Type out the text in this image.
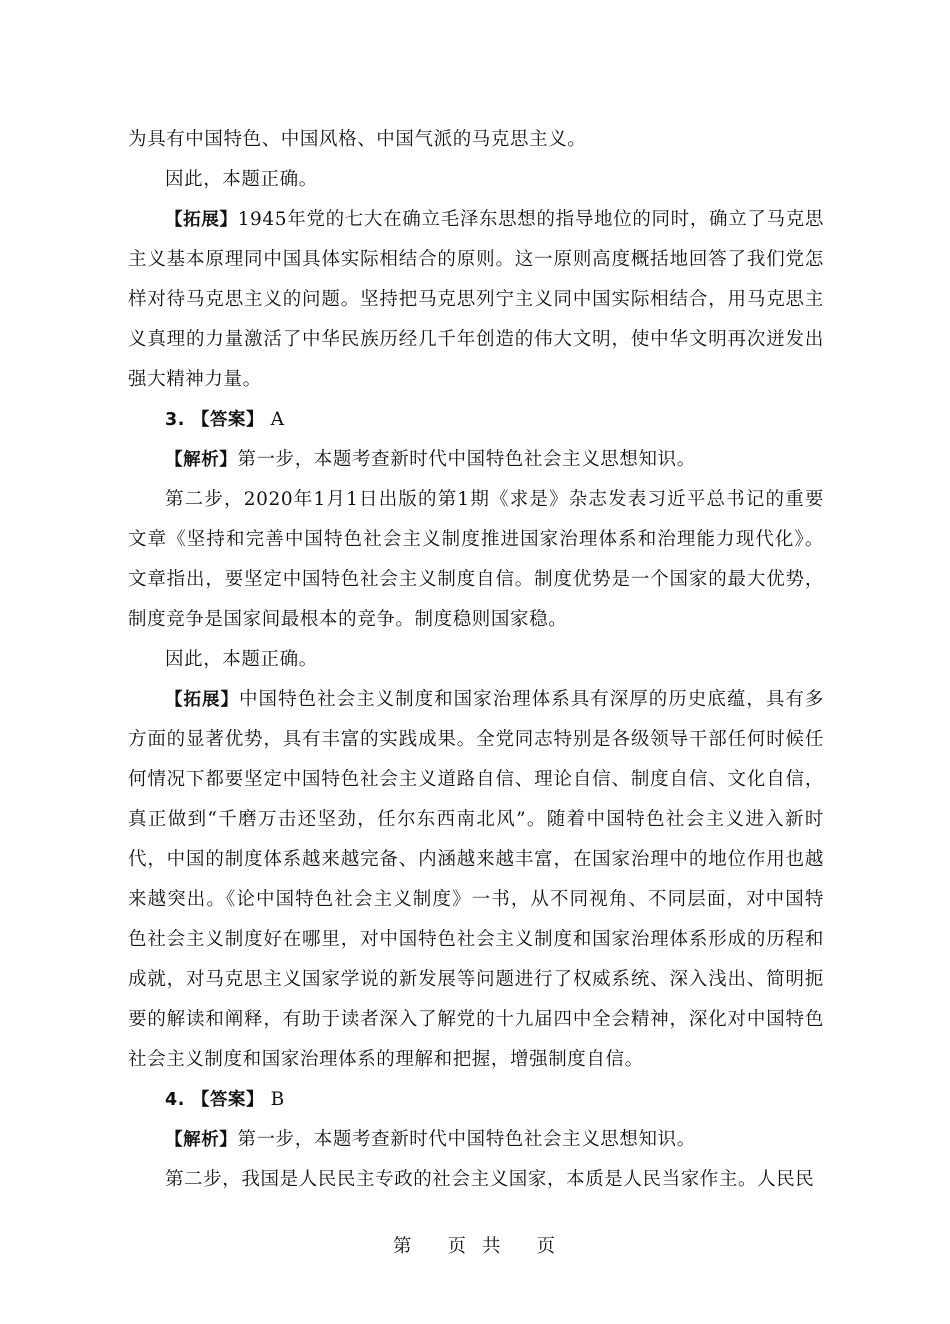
为具有中国特色、中国风格、中国气派的马克思主义。

因此，本题正确。

【拓展】1945年党的七大在确立毛泽东思想的指导地位的同时，确立了马克思主义基本原理同中国具体实际相结合的原则。这一原则高度概括地回答了我们党怎样对待马克思主义的问题。坚持把马克思列宁主义同中国实际相结合，用马克思主义真理的力量激活了中华民族历经几千年创造的伟大文明，使中华文明再次迸发出强大精神力量。

3. 【答案】 A

【解析】第一步，本题考查新时代中国特色社会主义思想知识。

第二步，2020年1月1日出版的第1期《求是》杂志发表习近平总书记的重要文章《坚持和完善中国特色社会主义制度推进国家治理体系和治理能力现代化》。文章指出，要坚定中国特色社会主义制度自信。制度优势是一个国家的最大优势，制度竞争是国家间最根本的竞争。制度稳则国家稳。

因此，本题正确。

【拓展】中国特色社会主义制度和国家治理体系具有深厚的历史底蕴，具有多方面的显著优势，具有丰富的实践成果。全党同志特别是各级领导干部任何时候任何情况下都要坚定中国特色社会主义道路自信、理论自信、制度自信、文化自信，真正做到“千磨万击还坚劲，任尔东西南北风”。随着中国特色社会主义进入新时代，中国的制度体系越来越完备、内涵越来越丰富，在国家治理中的地位作用也越来越突出。《论中国特色社会主义制度》一书，从不同视角、不同层面，对中国特色社会主义制度好在哪里，对中国特色社会主义制度和国家治理体系形成的历程和成就，对马克思主义国家学说的新发展等问题进行了权威系统、深入浅出、简明扼要的解读和阐释，有助于读者深入了解党的十九届四中全会精神，深化对中国特色社会主义制度和国家治理体系的理解和把握，增强制度自信。

4. 【答案】 B

【解析】第一步，本题考查新时代中国特色社会主义思想知识。

第二步，我国是人民民主专政的社会主义国家，本质是人民当家作主。人民民

第 页 共 页
